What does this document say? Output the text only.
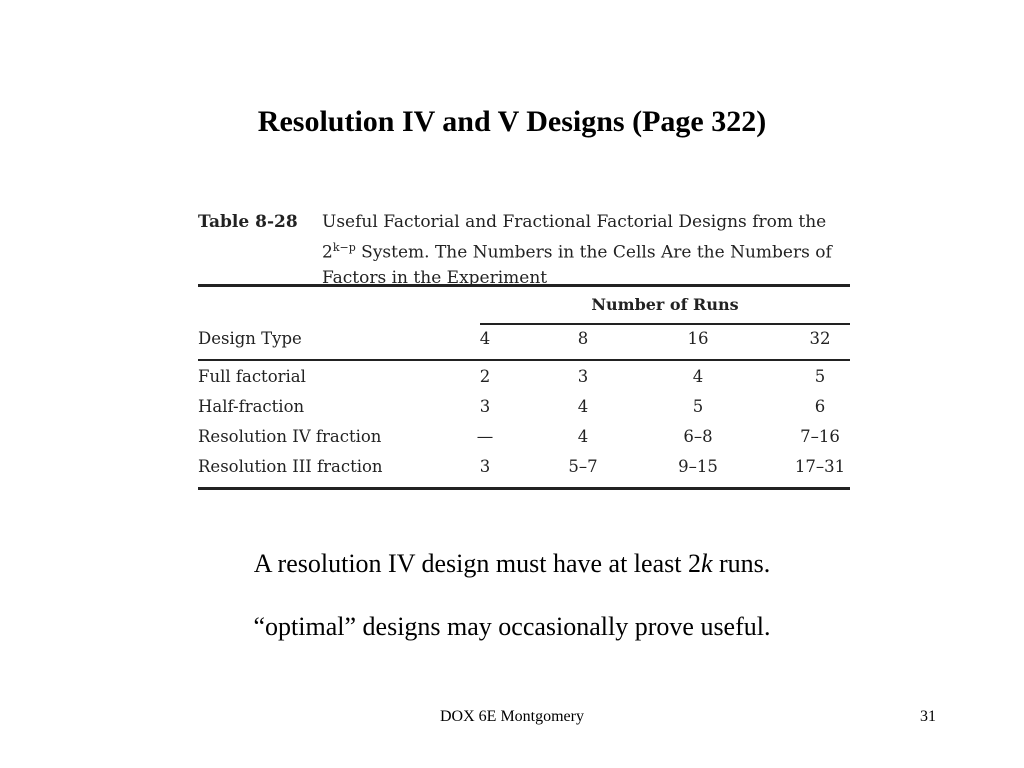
Resolution IV and V Designs (Page 322)
Table 8-28 Useful Factorial and Fractional Factorial Designs from the $2^{k-p}$ System. The Numbers in the Cells Are the Numbers of Factors in the Experiment
Number of Runs
Design Type	4	8	16	32
Full factorial	2	3	4	5
Half-fraction	3	4	5	6
Resolution IV fraction	—	4	6–8	7–16
Resolution III fraction	3	5–7	9–15	17–31

A resolution IV design must have at least 2k runs.

“optimal” designs may occasionally prove useful.

DOX 6E Montgomery	31
